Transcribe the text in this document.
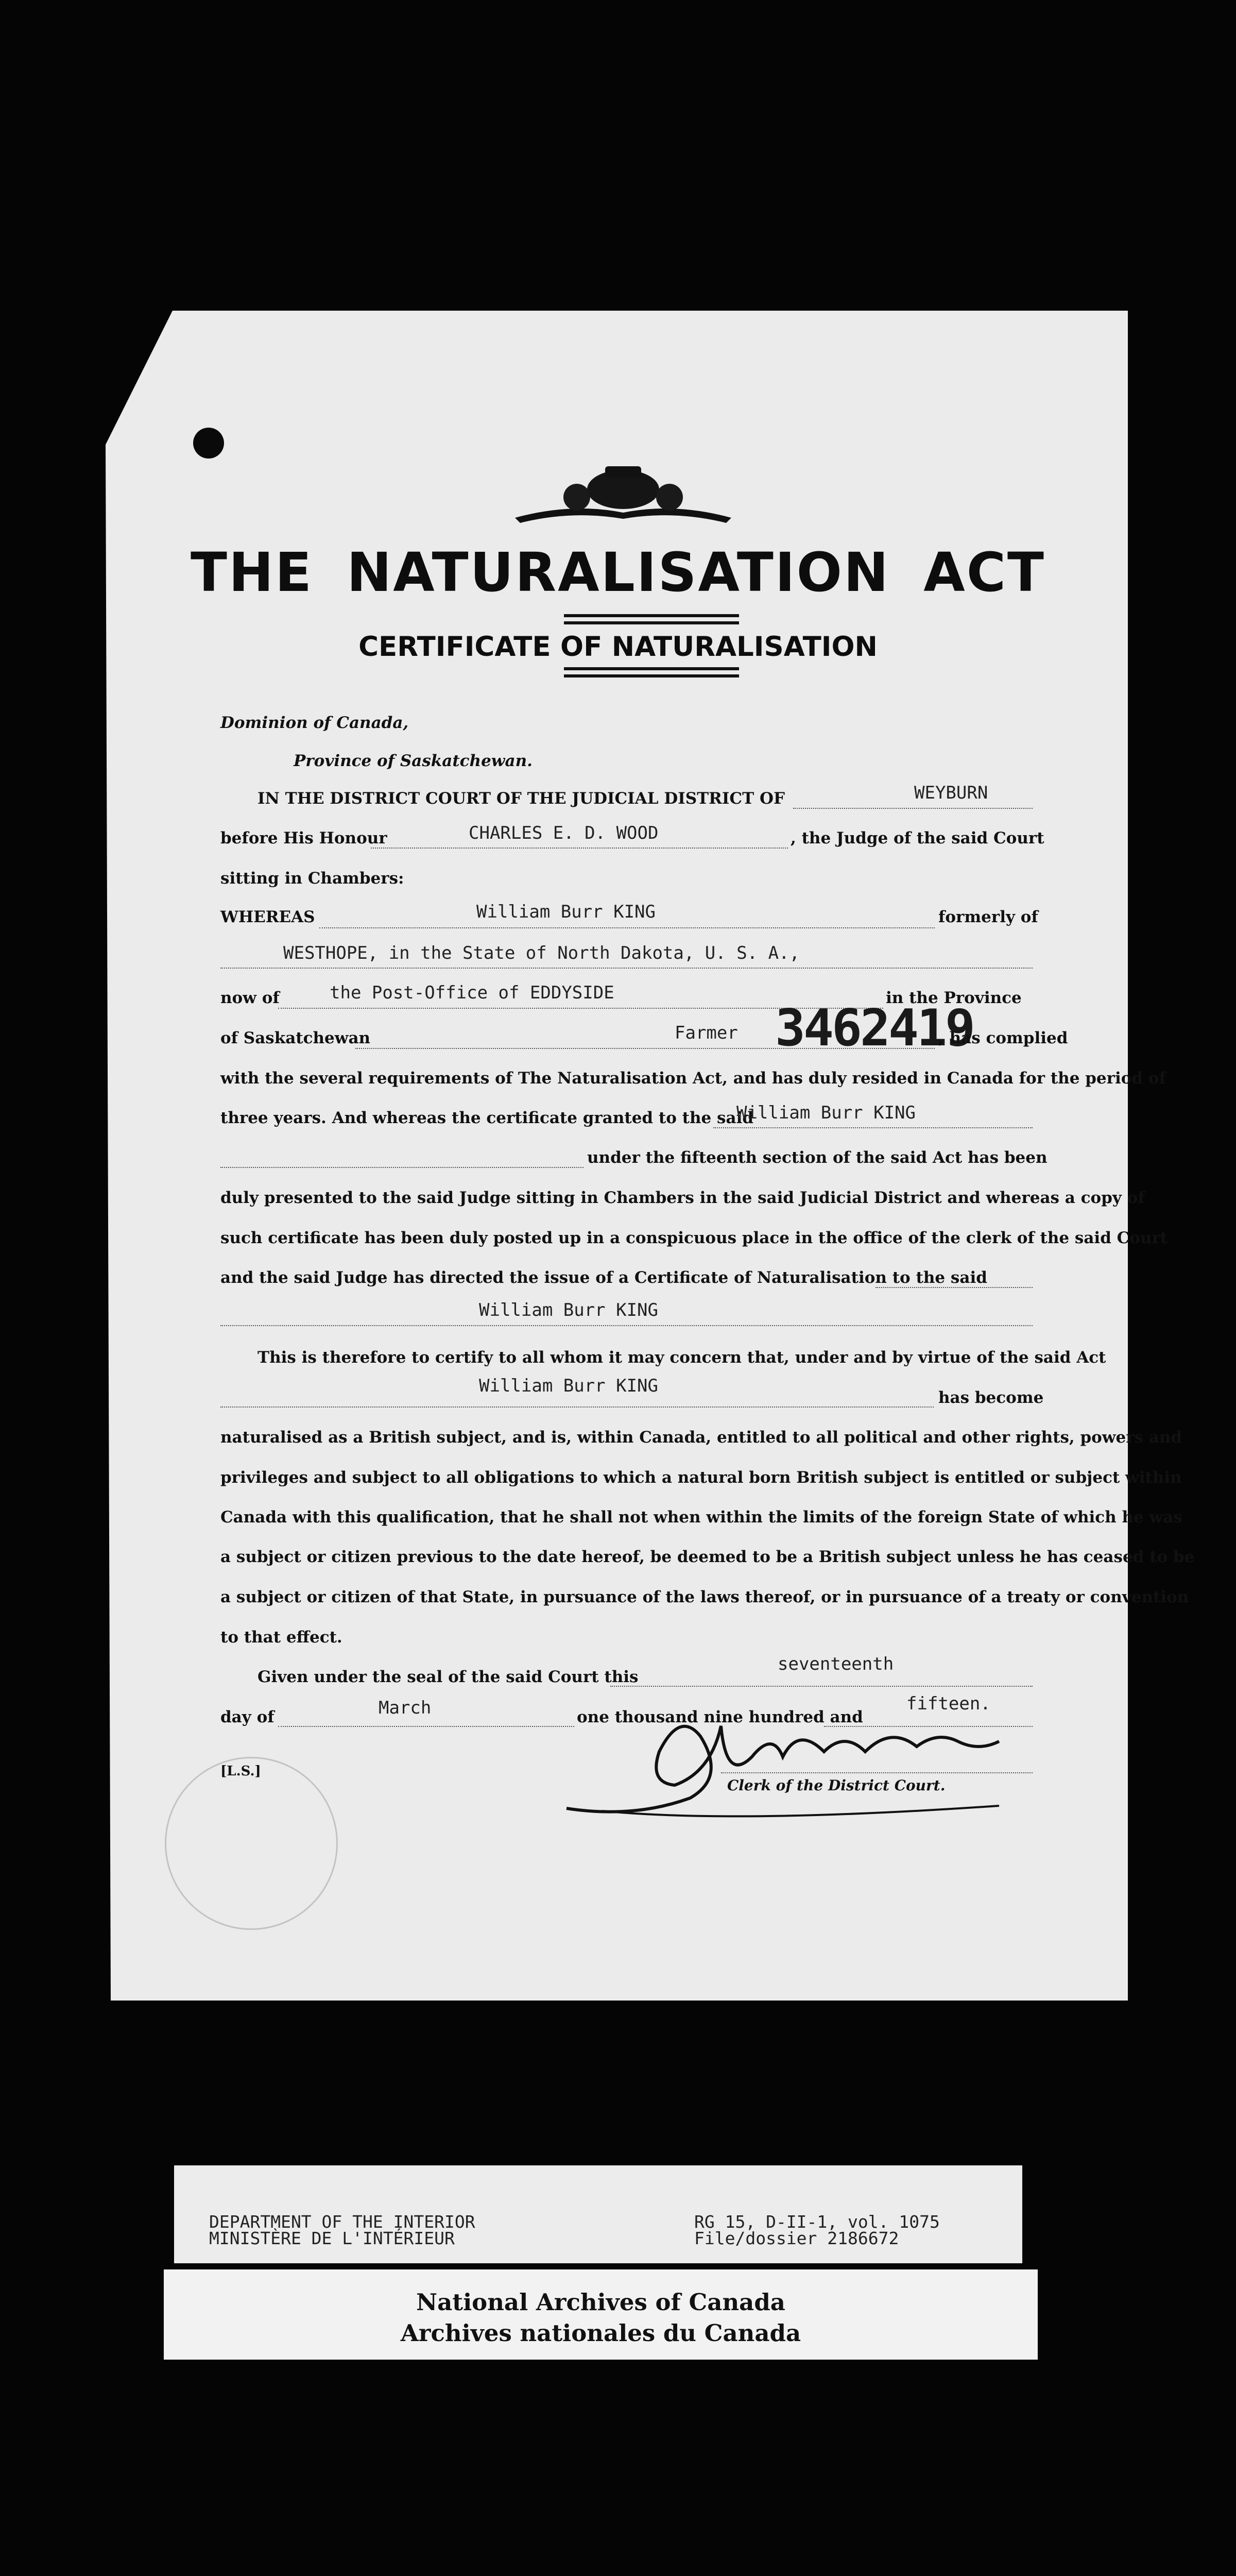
THE NATURALISATION ACT
CERTIFICATE OF NATURALISATION
Dominion of Canada,
Province of Saskatchewan.
IN THE DISTRICT COURT OF THE JUDICIAL DISTRICT OF	WEYBURN
before His Honour	CHARLES E. D. WOOD	, the Judge of the said Court
sitting in Chambers:
WHEREAS	William Burr KING	formerly of
WESTHOPE, in the State of North Dakota, U. S. A.,
now of	the Post-Office of EDDYSIDE	in the Province
of Saskatchewan	Farmer 3462419
, has complied
with the several requirements of The Naturalisation Act, and has duly resided in Canada for the period of
three years. And whereas the certificate granted to the said
William Burr KING
under the fifteenth section of the said Act has been
duly presented to the said Judge sitting in Chambers in the said Judicial District and whereas a copy of
such certificate has been duly posted up in a conspicuous place in the office of the clerk of the said Court
and the said Judge has directed the issue of a Certificate of Naturalisation to the said
William Burr KING
This is therefore to certify to all whom it may concern that, under and by virtue of the said Act
William Burr KING
has become
naturalised as a British subject, and is, within Canada, entitled to all political and other rights, powers and
privileges and subject to all obligations to which a natural born British subject is entitled or subject within
Canada with this qualification, that he shall not when within the limits of the foreign State of which he was
a subject or citizen previous to the date hereof, be deemed to be a British subject unless he has ceased to be
a subject or citizen of that State, in pursuance of the laws thereof, or in pursuance of a treaty or convention
to that effect.
Given under the seal of the said Court this
seventeenth
day of	March	one thousand nine hundred and
fifteen.
[L.S.]
Clerk of the District Court.
DEPARTMENT OF THE INTERIOR
MINISTÈRE DE L'INTÉRIEUR
RG 15, D-II-1, vol. 1075
File/dossier 2186672
National Archives of Canada
Archives nationales du Canada
